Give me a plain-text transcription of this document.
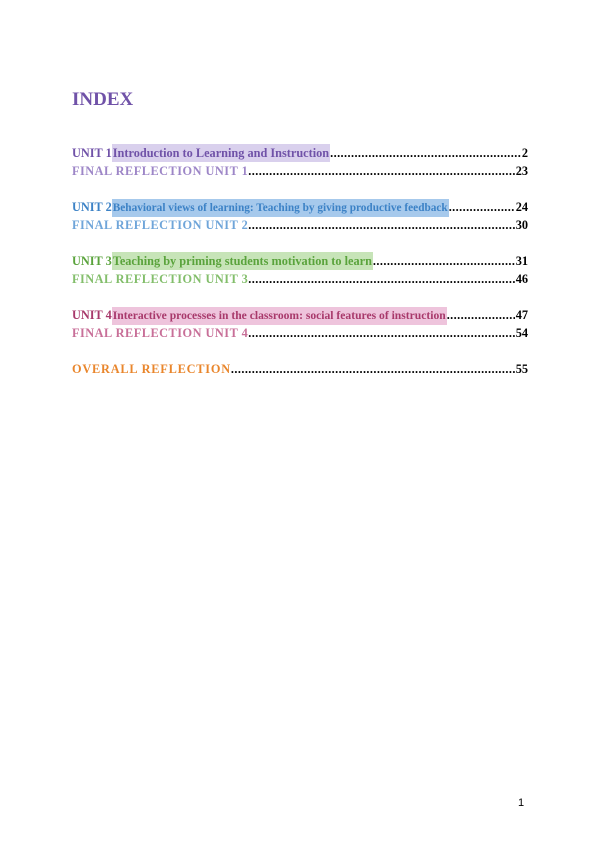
INDEX
UNIT 1 Introduction to Learning and Instruction .....	2
FINAL REFLECTION UNIT 1 .....	23
UNIT 2 Behavioral views of learning: Teaching by giving productive feedback .....	24
FINAL REFLECTION UNIT 2 .....	30
UNIT 3 Teaching by priming students motivation to learn .....	31
FINAL REFLECTION UNIT 3 .....	46
UNIT 4 Interactive processes in the classroom: social features of instruction .....	47
FINAL REFLECTION UNIT 4 .....	54
OVERALL REFLECTION .....	55
1
